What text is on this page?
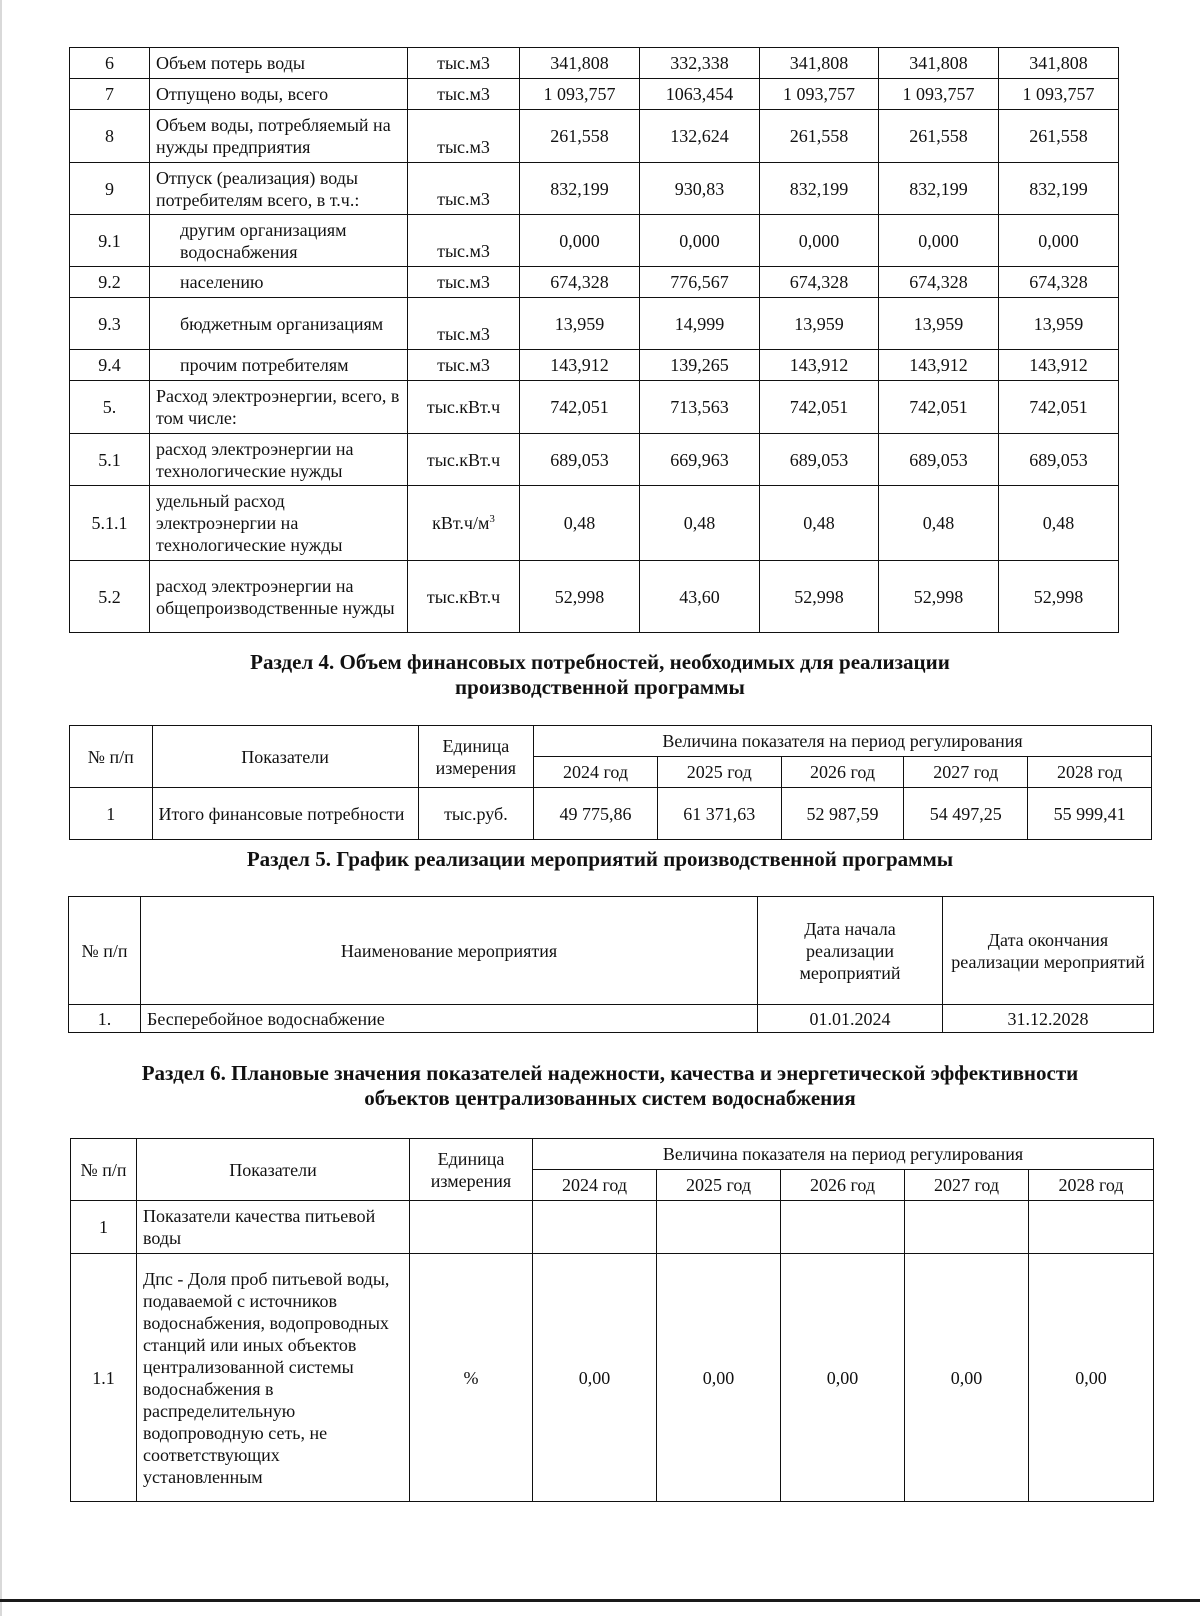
6	Объем потерь воды	тыс.м3	341,808	332,338	341,808	341,808	341,808
7	Отпущено воды, всего	тыс.м3	1 093,757	1063,454	1 093,757	1 093,757	1 093,757
8	Объем воды, потребляемый на нужды предприятия	тыс.м3	261,558	132,624	261,558	261,558	261,558
9	Отпуск (реализация) воды потребителям всего, в т.ч.:	тыс.м3	832,199	930,83	832,199	832,199	832,199
9.1	другим организациям водоснабжения	тыс.м3	0,000	0,000	0,000	0,000	0,000
9.2	населению	тыс.м3	674,328	776,567	674,328	674,328	674,328
9.3	бюджетным организациям	тыс.м3	13,959	14,999	13,959	13,959	13,959
9.4	прочим потребителям	тыс.м3	143,912	139,265	143,912	143,912	143,912
5.	Расход электроэнергии, всего, в том числе:	тыс.кВт.ч	742,051	713,563	742,051	742,051	742,051
5.1	расход электроэнергии на технологические нужды	тыс.кВт.ч	689,053	669,963	689,053	689,053	689,053
5.1.1	удельный расход электроэнергии на технологические нужды	$кВт.ч/м^3$	0,48	0,48	0,48	0,48	0,48
5.2	расход электроэнергии на общепроизводственные нужды	тыс.кВт.ч	52,998	43,60	52,998	52,998	52,998
Раздел 4. Объем финансовых потребностей, необходимых для реализации производственной программы
№ п/п	Показатели	Единица измерения	Величина показателя на период регулирования				
			2024 год	2025 год	2026 год	2027 год	2028 год
1	Итого финансовые потребности	тыс.руб.	49 775,86	61 371,63	52 987,59	54 497,25	55 999,41
Раздел 5. График реализации мероприятий производственной программы
№ п/п	Наименование мероприятия	Дата начала реализации мероприятий	Дата окончания реализации мероприятий
1.	Бесперебойное водоснабжение	01.01.2024	31.12.2028
Раздел 6. Плановые значения показателей надежности, качества и энергетической эффективности объектов централизованных систем водоснабжения
№ п/п	Показатели	Единица измерения	Величина показателя на период регулирования				
			2024 год	2025 год	2026 год	2027 год	2028 год
1	Показатели качества питьевой воды						
1.1	Дпс - Доля проб питьевой воды, подаваемой с источников водоснабжения, водопроводных станций или иных объектов централизованной системы водоснабжения в распределительную водопроводную сеть, не соответствующих установленным	%	0,00	0,00	0,00	0,00	0,00
